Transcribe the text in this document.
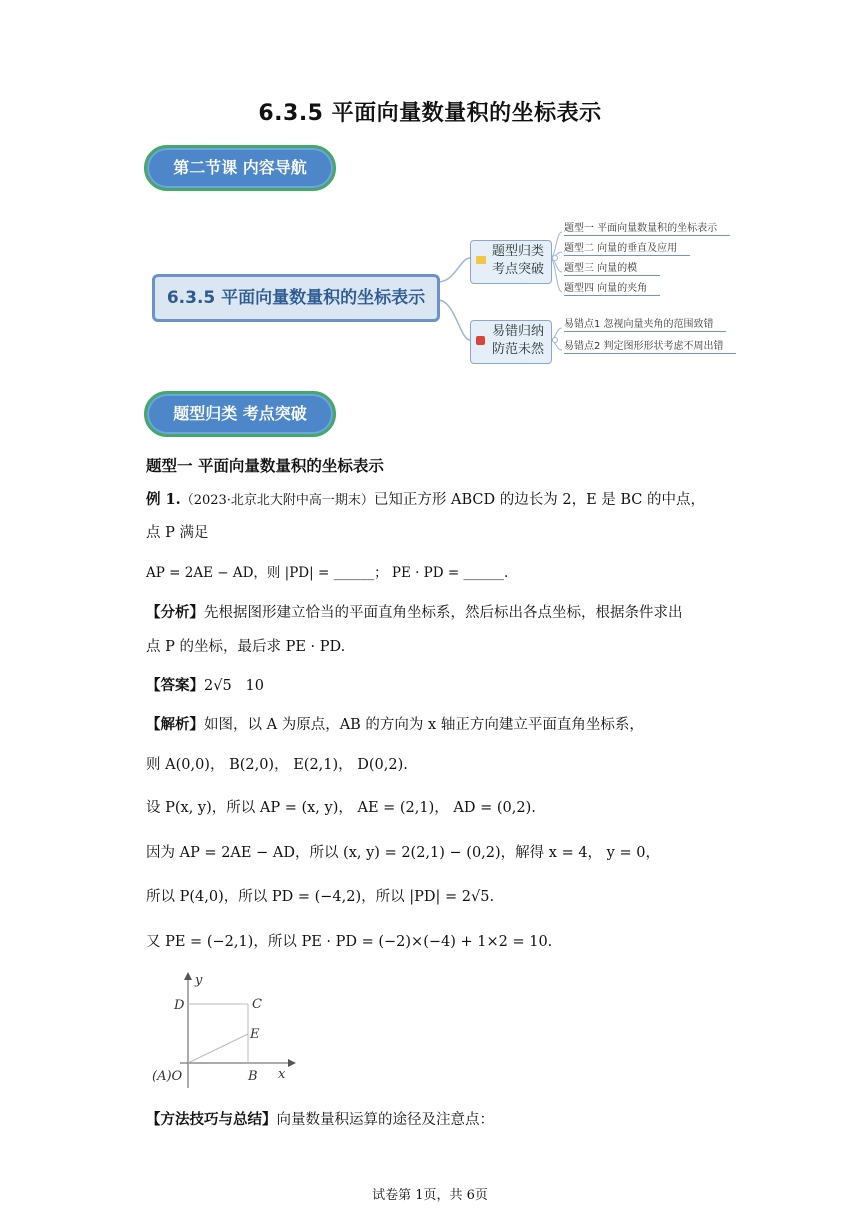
6.3.5 平面向量数量积的坐标表示
第二节课 内容导航
6.3.5 平面向量数量积的坐标表示
题型归类
考点突破
易错归纳
防范未然
题型一 平面向量数量积的坐标表示
题型二 向量的垂直及应用
题型三 向量的模
题型四 向量的夹角
易错点1 忽视向量夹角的范围致错
易错点2 判定图形形状考虑不周出错
题型归类 考点突破
题型一 平面向量数量积的坐标表示
例 1.（2023·北京北大附中高一期末）已知正方形 ABCD 的边长为 2，E 是 BC 的中点，
点 P 满足
AP = 2AE − AD，则 |PD| = ______； PE · PD = ______.
【分析】先根据图形建立恰当的平面直角坐标系，然后标出各点坐标，根据条件求出
点 P 的坐标，最后求 PE · PD.
【答案】2√5 10
【解析】如图，以 A 为原点，AB 的方向为 x 轴正方向建立平面直角坐标系，
则 A(0,0)， B(2,0)， E(2,1)， D(0,2).
设 P(x, y)，所以 AP = (x, y)， AE = (2,1)， AD = (0,2).
因为 AP = 2AE − AD，所以 (x, y) = 2(2,1) − (0,2)，解得 x = 4， y = 0，
所以 P(4,0)，所以 PD = (−4,2)，所以 |PD| = 2√5.
又 PE = (−2,1)，所以 PE · PD = (−2)×(−4) + 1×2 = 10.
y
D	C
E
(A)O	B x
【方法技巧与总结】向量数量积运算的途径及注意点：
试卷第 1页，共 6页
